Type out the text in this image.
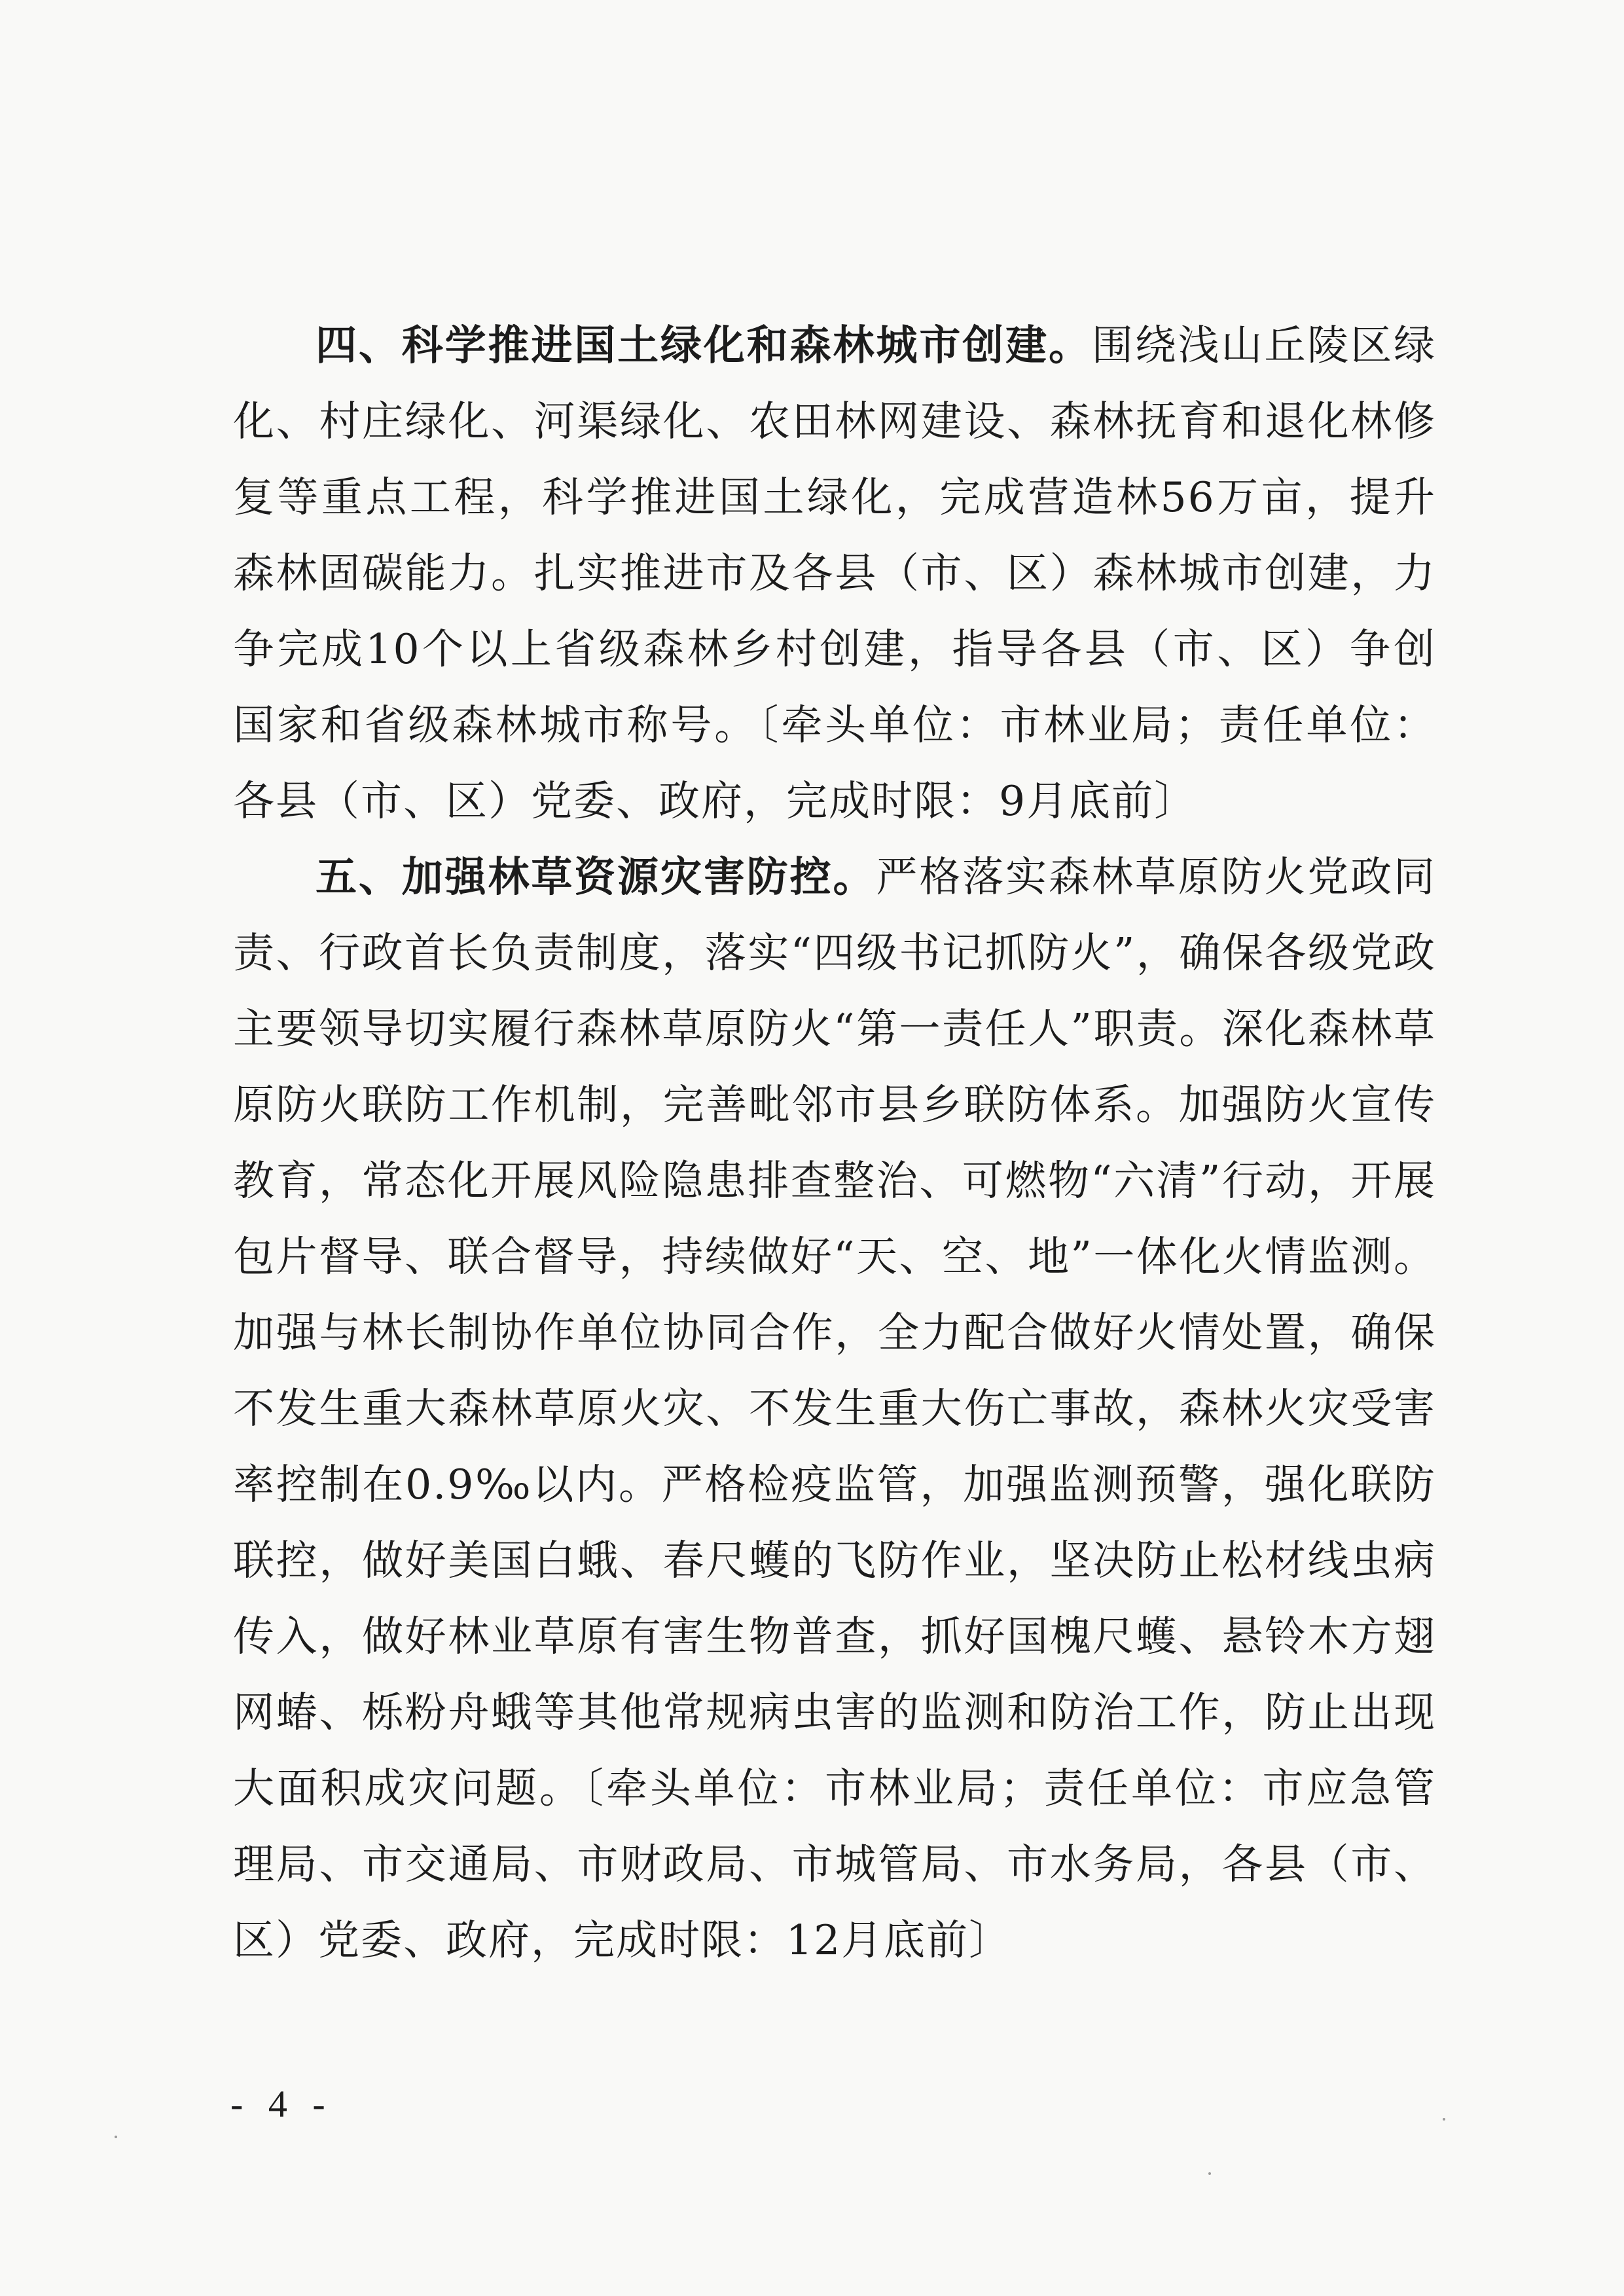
四、科学推进国土绿化和森林城市创建。围绕浅山丘陵区绿化、村庄绿化、河渠绿化、农田林网建设、森林抚育和退化林修复等重点工程，科学推进国土绿化，完成营造林56万亩，提升森林固碳能力。扎实推进市及各县（市、区）森林城市创建，力争完成10个以上省级森林乡村创建，指导各县（市、区）争创国家和省级森林城市称号。〔牵头单位：市林业局；责任单位：各县（市、区）党委、政府，完成时限：9月底前〕

五、加强林草资源灾害防控。严格落实森林草原防火党政同责、行政首长负责制度，落实“四级书记抓防火”，确保各级党政主要领导切实履行森林草原防火“第一责任人”职责。深化森林草原防火联防工作机制，完善毗邻市县乡联防体系。加强防火宣传教育，常态化开展风险隐患排查整治、可燃物“六清”行动，开展包片督导、联合督导，持续做好“天、空、地”一体化火情监测。加强与林长制协作单位协同合作，全力配合做好火情处置，确保不发生重大森林草原火灾、不发生重大伤亡事故，森林火灾受害率控制在0.9‰以内。严格检疫监管，加强监测预警，强化联防联控，做好美国白蛾、春尺蠖的飞防作业，坚决防止松材线虫病传入，做好林业草原有害生物普查，抓好国槐尺蠖、悬铃木方翅网蝽、栎粉舟蛾等其他常规病虫害的监测和防治工作，防止出现大面积成灾问题。〔牵头单位：市林业局；责任单位：市应急管理局、市交通局、市财政局、市城管局、市水务局，各县（市、区）党委、政府，完成时限：12月底前〕

- 4 -
